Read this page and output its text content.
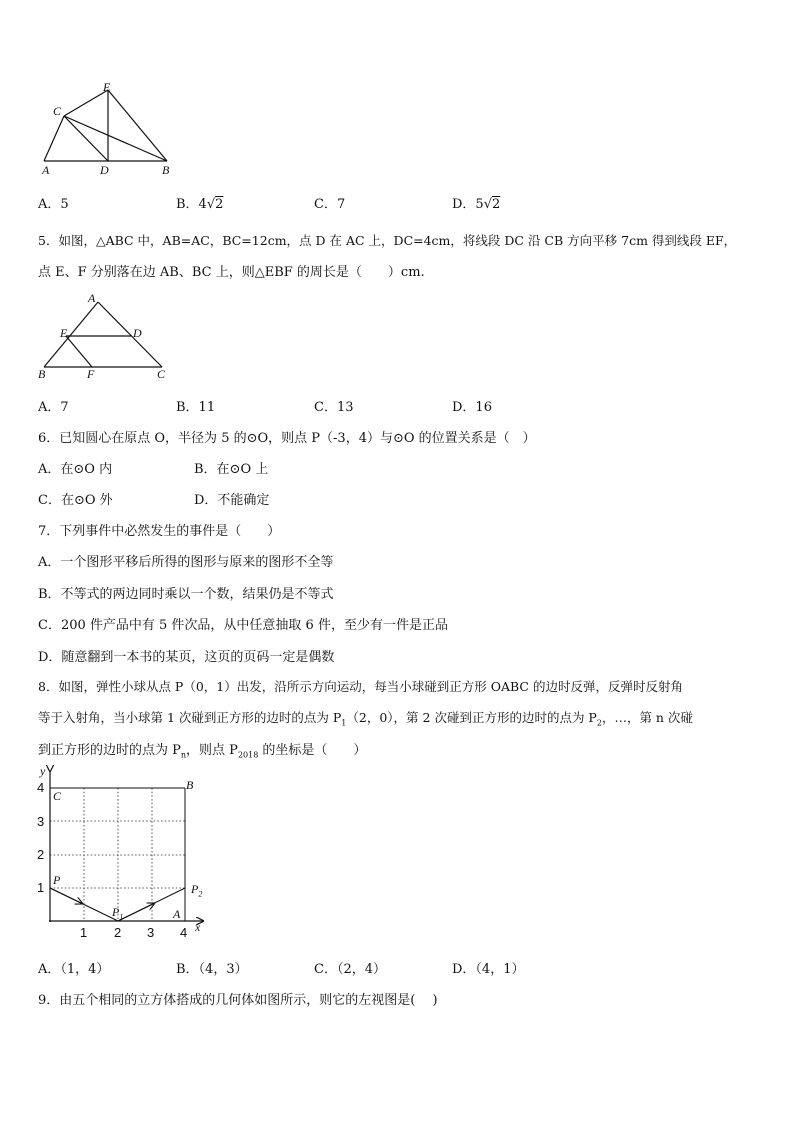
C
E
A	D	B
A．5	B．4√2	C．7	D．5√2
5．如图，△ABC 中，AB=AC，BC=12cm，点 D 在 AC 上，DC=4cm，将线段 DC 沿 CB 方向平移 7cm 得到线段 EF，
点 E、F 分别落在边 AB、BC 上，则△EBF 的周长是（　　）cm.
A
E	D
B	F	C
A．7	B．11	C．13	D．16
6．已知圆心在原点 O，半径为 5 的⊙O，则点 P（-3，4）与⊙O 的位置关系是（　）
A．在⊙O 内	B．在⊙O 上
C．在⊙O 外	D．不能确定
7．下列事件中必然发生的事件是（　　）
A．一个图形平移后所得的图形与原来的图形不全等
B．不等式的两边同时乘以一个数，结果仍是不等式
C．200 件产品中有 5 件次品，从中任意抽取 6 件，至少有一件是正品
D．随意翻到一本书的某页，这页的页码一定是偶数
8．如图，弹性小球从点 P（0，1）出发，沿所示方向运动，每当小球碰到正方形 OABC 的边时反弹，反弹时反射角
等于入射角，当小球第 1 次碰到正方形的边时的点为 $P_1(2$，0），第 2 次碰到正方形的边时的点为 $P_2$，…，第 n 次碰
到正方形的边时的点为 $P_n$，则点 $P_{2018}$ 的坐标是（　　）
y
x
4
3
2
1
1 2 3 4
C
B
P
$P_1$	A
$P_2$
A．（1，4）	B．（4，3）	C．（2，4）	D．（4，1）
9．由五个相同的立方体搭成的几何体如图所示，则它的左视图是(　 )
